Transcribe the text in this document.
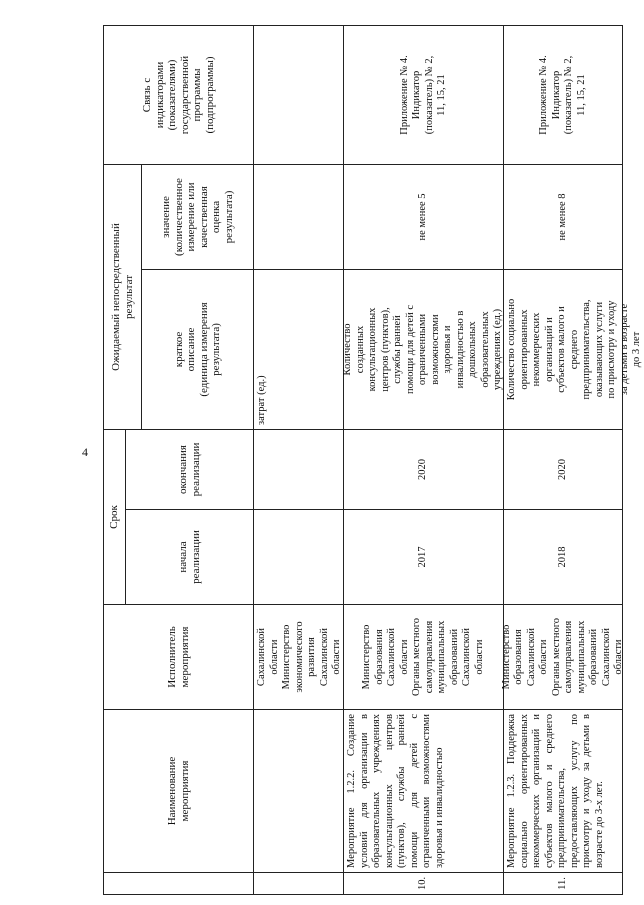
4
Наименование
мероприятия
Исполнитель
мероприятия
Срок
начала
реализации
окончания
реализации
Ожидаемый непосредственный
результат
краткое
описание
(единица измерения
результата)
значение
(количественное
измерение или
качественная
оценка
результата)
Связь с
индикаторами
(показателями)
государственной
программы
(подпрограммы)
Сахалинской
области
Министерство
экономического
развития
Сахалинской
области
затрат (ед.)
10.
Мероприятие 1.2.2. Создание условий для организации в образовательных учреждениях консультационных центров (пунктов), службы ранней помощи для детей с ограниченными возможностями здоровья и инвалидностью
Министерство
образования
Сахалинской
области
Органы местного
самоуправления
муниципальных
образований
Сахалинской
области
2017
2020
Количество
созданных
консультационных
центров (пунктов),
службы ранней
помощи для детей с
ограниченными
возможностями
здоровья и
инвалидностью в
дошкольных
образовательных
учреждениях (ед.)
не менее 5
Приложение № 4.
Индикатор
(показатель) № 2,
11, 15, 21
11.
Мероприятие 1.2.3. Поддержка социально ориентированных некоммерческих организаций и субъектов малого и среднего предпринимательства, предоставляющих услугу по присмотру и уходу за детьми в возрасте до 3-х лет.
Министерство
образования
Сахалинской
области
Органы местного
самоуправления
муниципальных
образований
Сахалинской
области
2018
2020
Количество социально
ориентированных
некоммерческих
организаций и
субъектов малого и
среднего
предпринимательства,
оказывающих услуги
по присмотру и уходу
за детьми в возрасте
до 3 лет
не менее 8
Приложение № 4.
Индикатор
(показатель) № 2,
11, 15, 21
